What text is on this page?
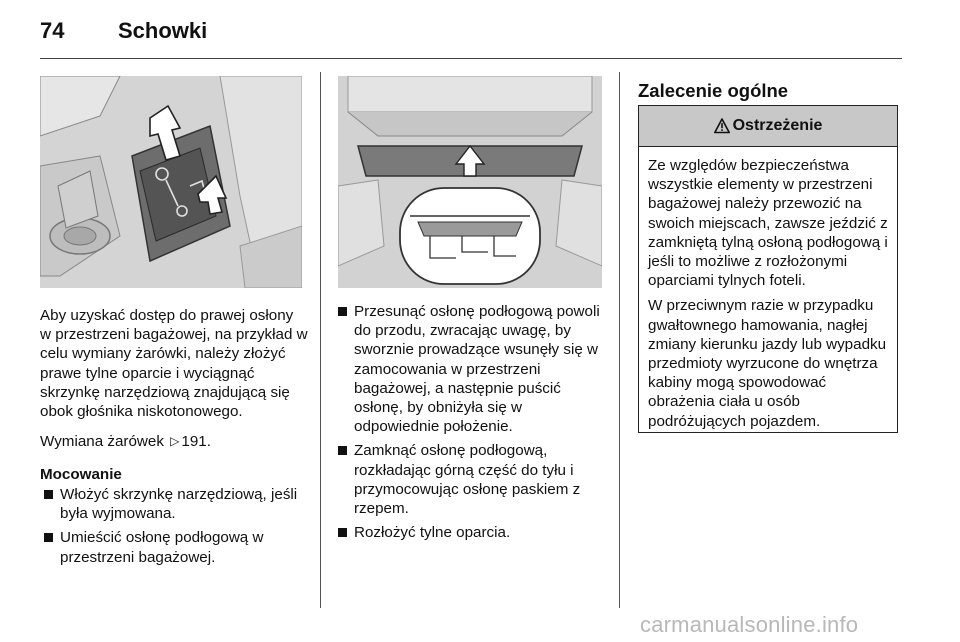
74 Schowki

Aby uzyskać dostęp do prawej osłony w przestrzeni bagażowej, na przykład w celu wymiany żarówki, należy złożyć prawe tylne oparcie i wyciągnąć skrzynkę narzędziową znajdującą się obok głośnika niskotonowego.

Wymiana żarówek ▷ 191.

Mocowanie

Włożyć skrzynkę narzędziową, jeśli była wyjmowana.
Umieścić osłonę podłogową w przestrzeni bagażowej.
Przesunąć osłonę podłogową powoli do przodu, zwracając uwagę, by sworznie prowadzące wsunęły się w zamocowania w przestrzeni bagażowej, a następnie puścić osłonę, by obniżyła się w odpowiednie położenie.
Zamknąć osłonę podłogową, rozkładając górną część do tyłu i przymocowując osłonę paskiem z rzepem.
Rozłożyć tylne oparcia.
Zalecenie ogólne
Ostrzeżenie

Ze względów bezpieczeństwa wszystkie elementy w przestrzeni bagażowej należy przewozić na swoich miejscach, zawsze jeździć z zamkniętą tylną osłoną podłogową i jeśli to możliwe z rozłożonymi oparciami tylnych foteli.

W przeciwnym razie w przypadku gwałtownego hamowania, nagłej zmiany kierunku jazdy lub wypadku przedmioty wyrzucone do wnętrza kabiny mogą spowodować obrażenia ciała u osób podróżujących pojazdem.

carmanualsonline.info
